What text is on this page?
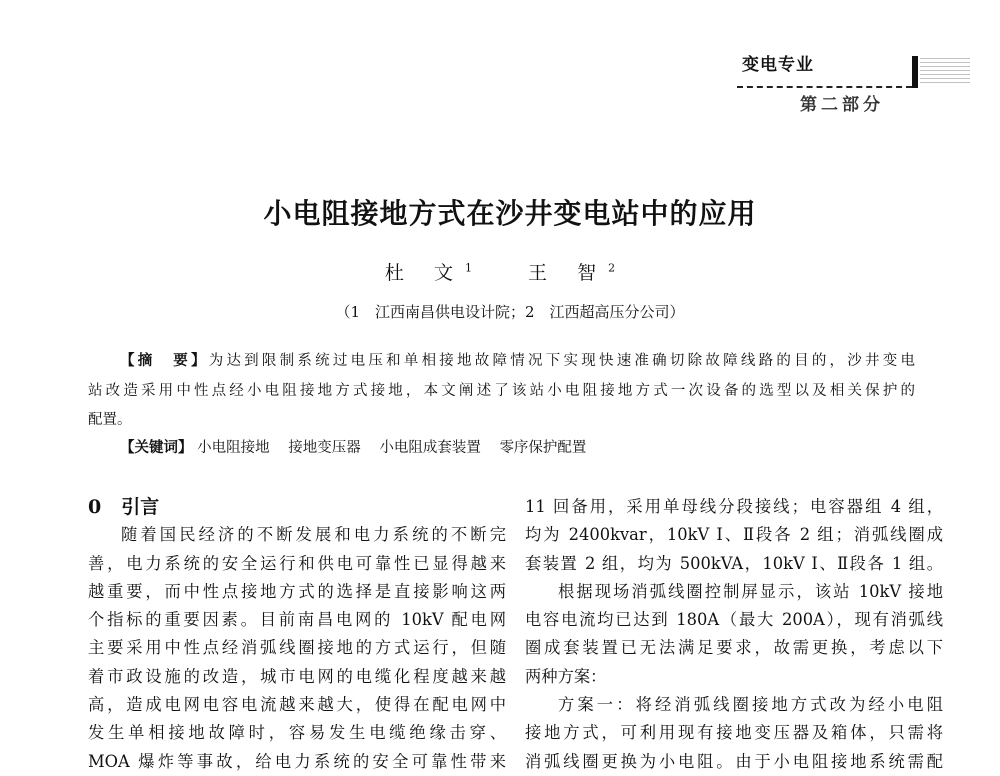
变电专业
第二部分
小电阻接地方式在沙井变电站中的应用
杜 文$^1$	王 智$^2$
（1　江西南昌供电设计院；2　江西超高压分公司）
【摘　要】为达到限制系统过电压和单相接地故障情况下实现快速准确切除故障线路的目的，沙井变电
站改造采用中性点经小电阻接地方式接地，本文阐述了该站小电阻接地方式一次设备的选型以及相关保护的
配置。
【关键词】 小电阻接地 接地变压器 小电阻成套装置 零序保护配置
0 引言
随着国民经济的不断发展和电力系统的不断完
善，电力系统的安全运行和供电可靠性已显得越来
越重要，而中性点接地方式的选择是直接影响这两
个指标的重要因素。目前南昌电网的 10kV 配电网
主要采用中性点经消弧线圈接地的方式运行，但随
着市政设施的改造，城市电网的电缆化程度越来越
高，造成电网电容电流越来越大，使得在配电网中
发生单相接地故障时，容易发生电缆绝缘击穿、
MOA 爆炸等事故，给电力系统的安全可靠性带来
11 回备用，采用单母线分段接线；电容器组 4 组，
均为 2400kvar，10kV Ⅰ、Ⅱ段各 2 组；消弧线圈成
套装置 2 组，均为 500kVA，10kV Ⅰ、Ⅱ段各 1 组。
根据现场消弧线圈控制屏显示，该站 10kV 接地
电容电流均已达到 180A（最大 200A），现有消弧线
圈成套装置已无法满足要求，故需更换，考虑以下
两种方案：
方案一：将经消弧线圈接地方式改为经小电阻
接地方式，可利用现有接地变压器及箱体，只需将
消弧线圈更换为小电阻。由于小电阻接地系统需配
